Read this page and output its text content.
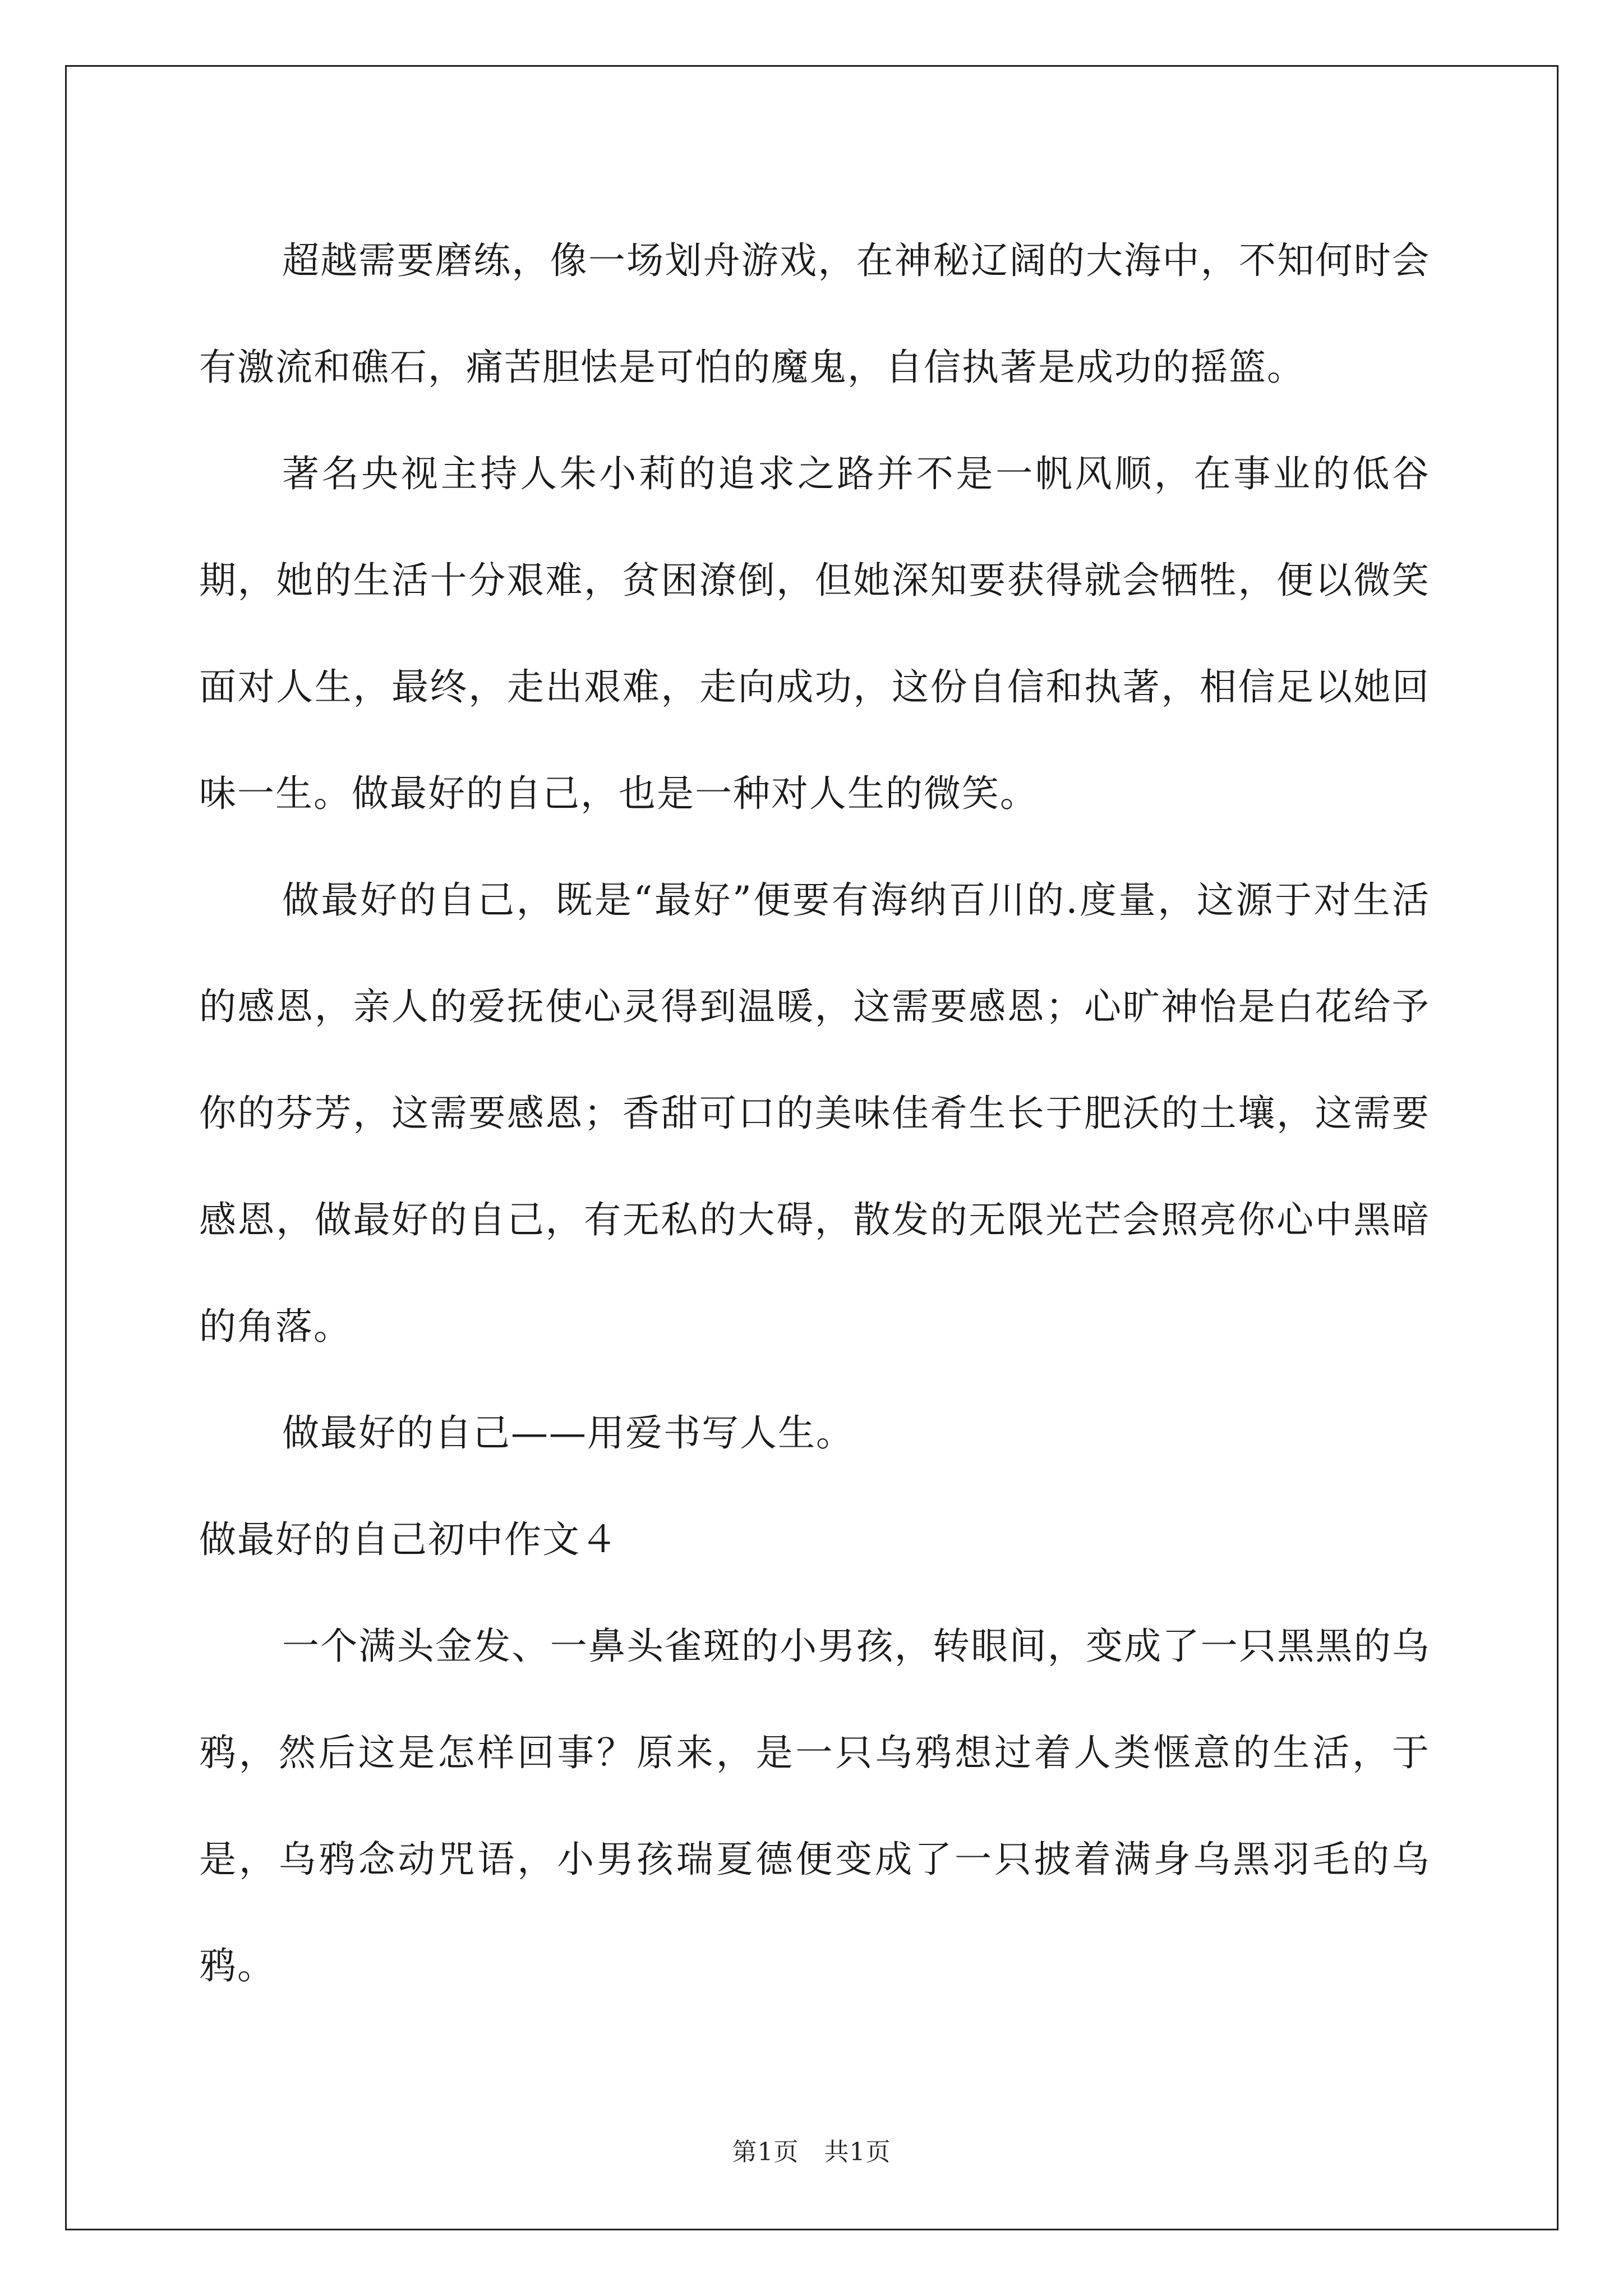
超越需要磨练，像一场划舟游戏，在神秘辽阔的大海中，不知何时会有激流和礁石，痛苦胆怯是可怕的魔鬼，自信执著是成功的摇篮。

著名央视主持人朱小莉的追求之路并不是一帆风顺，在事业的低谷期，她的生活十分艰难，贫困潦倒，但她深知要获得就会牺牲，便以微笑面对人生，最终，走出艰难，走向成功，这份自信和执著，相信足以她回味一生。做最好的自己，也是一种对人生的微笑。

做最好的自己，既是“最好”便要有海纳百川的.度量，这源于对生活的感恩，亲人的爱抚使心灵得到温暖，这需要感恩；心旷神怡是白花给予你的芬芳，这需要感恩；香甜可口的美味佳肴生长于肥沃的土壤，这需要感恩，做最好的自己，有无私的大碍，散发的无限光芒会照亮你心中黑暗的角落。

做最好的自己——用爱书写人生。

做最好的自己初中作文４

一个满头金发、一鼻头雀斑的小男孩，转眼间，变成了一只黑黑的乌鸦，然后这是怎样回事？原来，是一只乌鸦想过着人类惬意的生活，于是，乌鸦念动咒语，小男孩瑞夏德便变成了一只披着满身乌黑羽毛的乌鸦。

第1页　共1页
